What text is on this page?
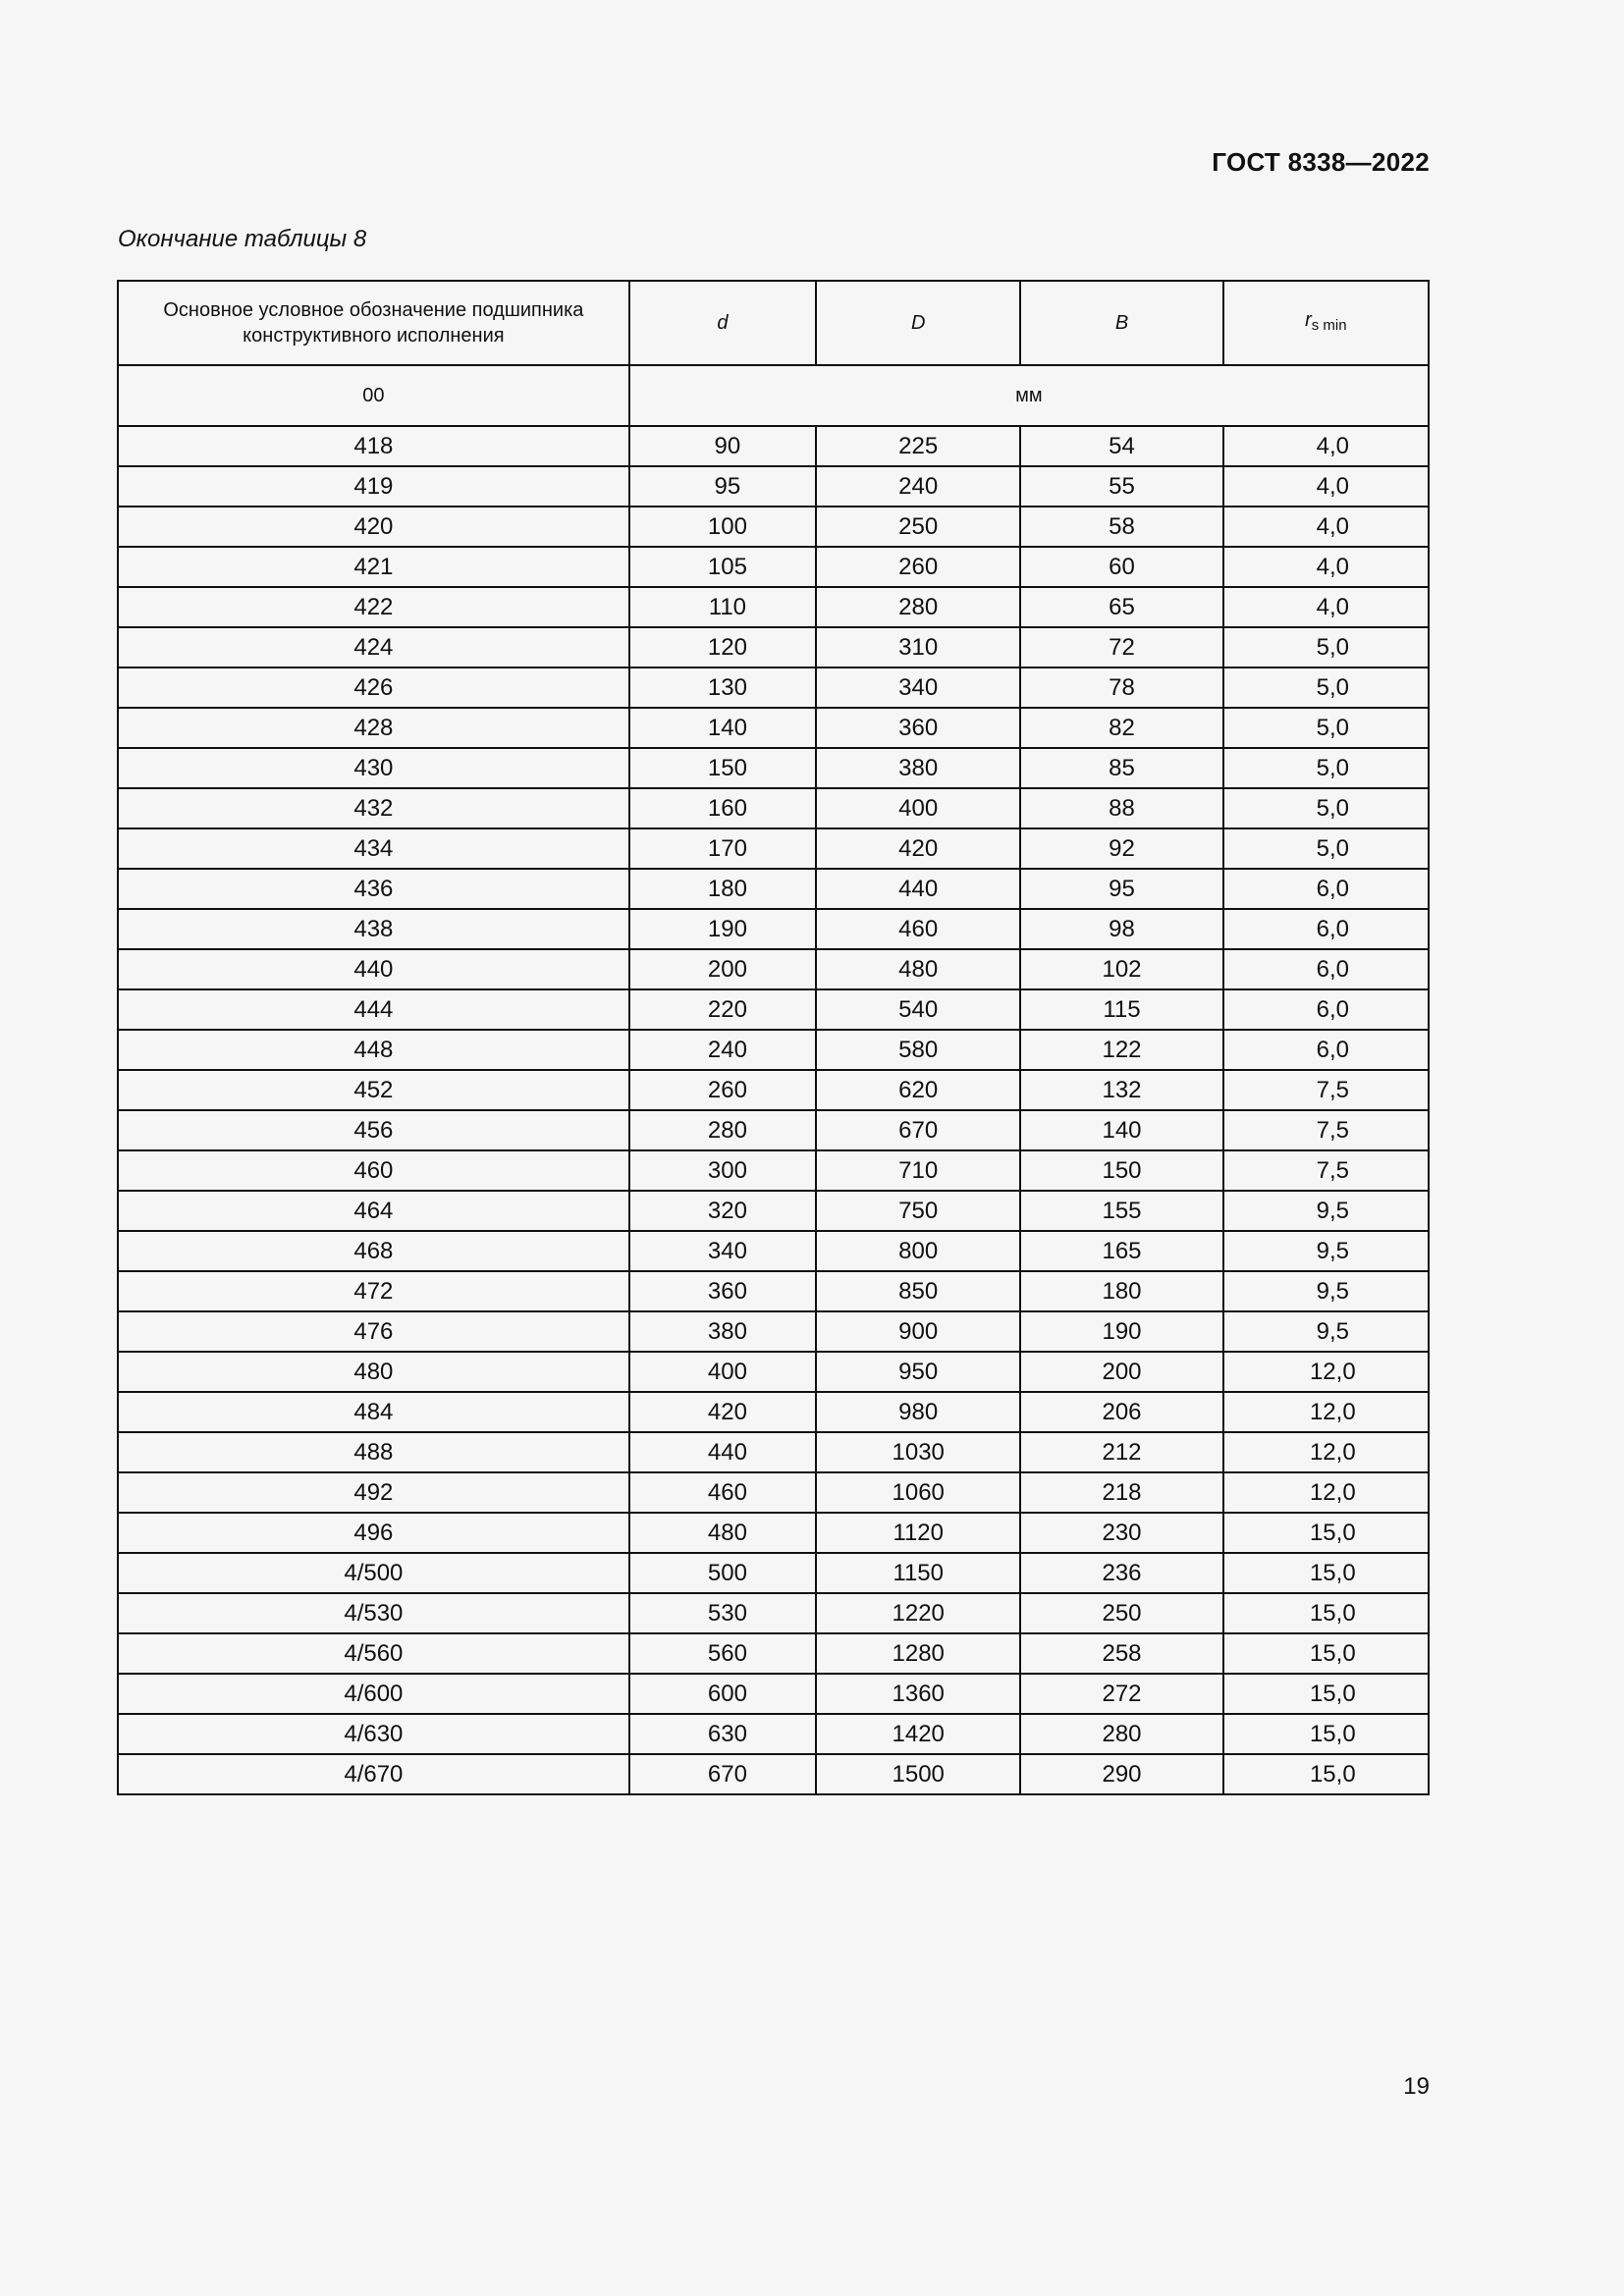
ГОСТ 8338—2022
Окончание таблицы 8
Основное условное обозначение подшипника конструктивного исполнения	d	D	B	$r_{s min}$
00	мм			
418	90	225	54	4,0
419	95	240	55	4,0
420	100	250	58	4,0
421	105	260	60	4,0
422	110	280	65	4,0
424	120	310	72	5,0
426	130	340	78	5,0
428	140	360	82	5,0
430	150	380	85	5,0
432	160	400	88	5,0
434	170	420	92	5,0
436	180	440	95	6,0
438	190	460	98	6,0
440	200	480	102	6,0
444	220	540	115	6,0
448	240	580	122	6,0
452	260	620	132	7,5
456	280	670	140	7,5
460	300	710	150	7,5
464	320	750	155	9,5
468	340	800	165	9,5
472	360	850	180	9,5
476	380	900	190	9,5
480	400	950	200	12,0
484	420	980	206	12,0
488	440	1030	212	12,0
492	460	1060	218	12,0
496	480	1120	230	15,0
4/500	500	1150	236	15,0
4/530	530	1220	250	15,0
4/560	560	1280	258	15,0
4/600	600	1360	272	15,0
4/630	630	1420	280	15,0
4/670	670	1500	290	15,0
19
